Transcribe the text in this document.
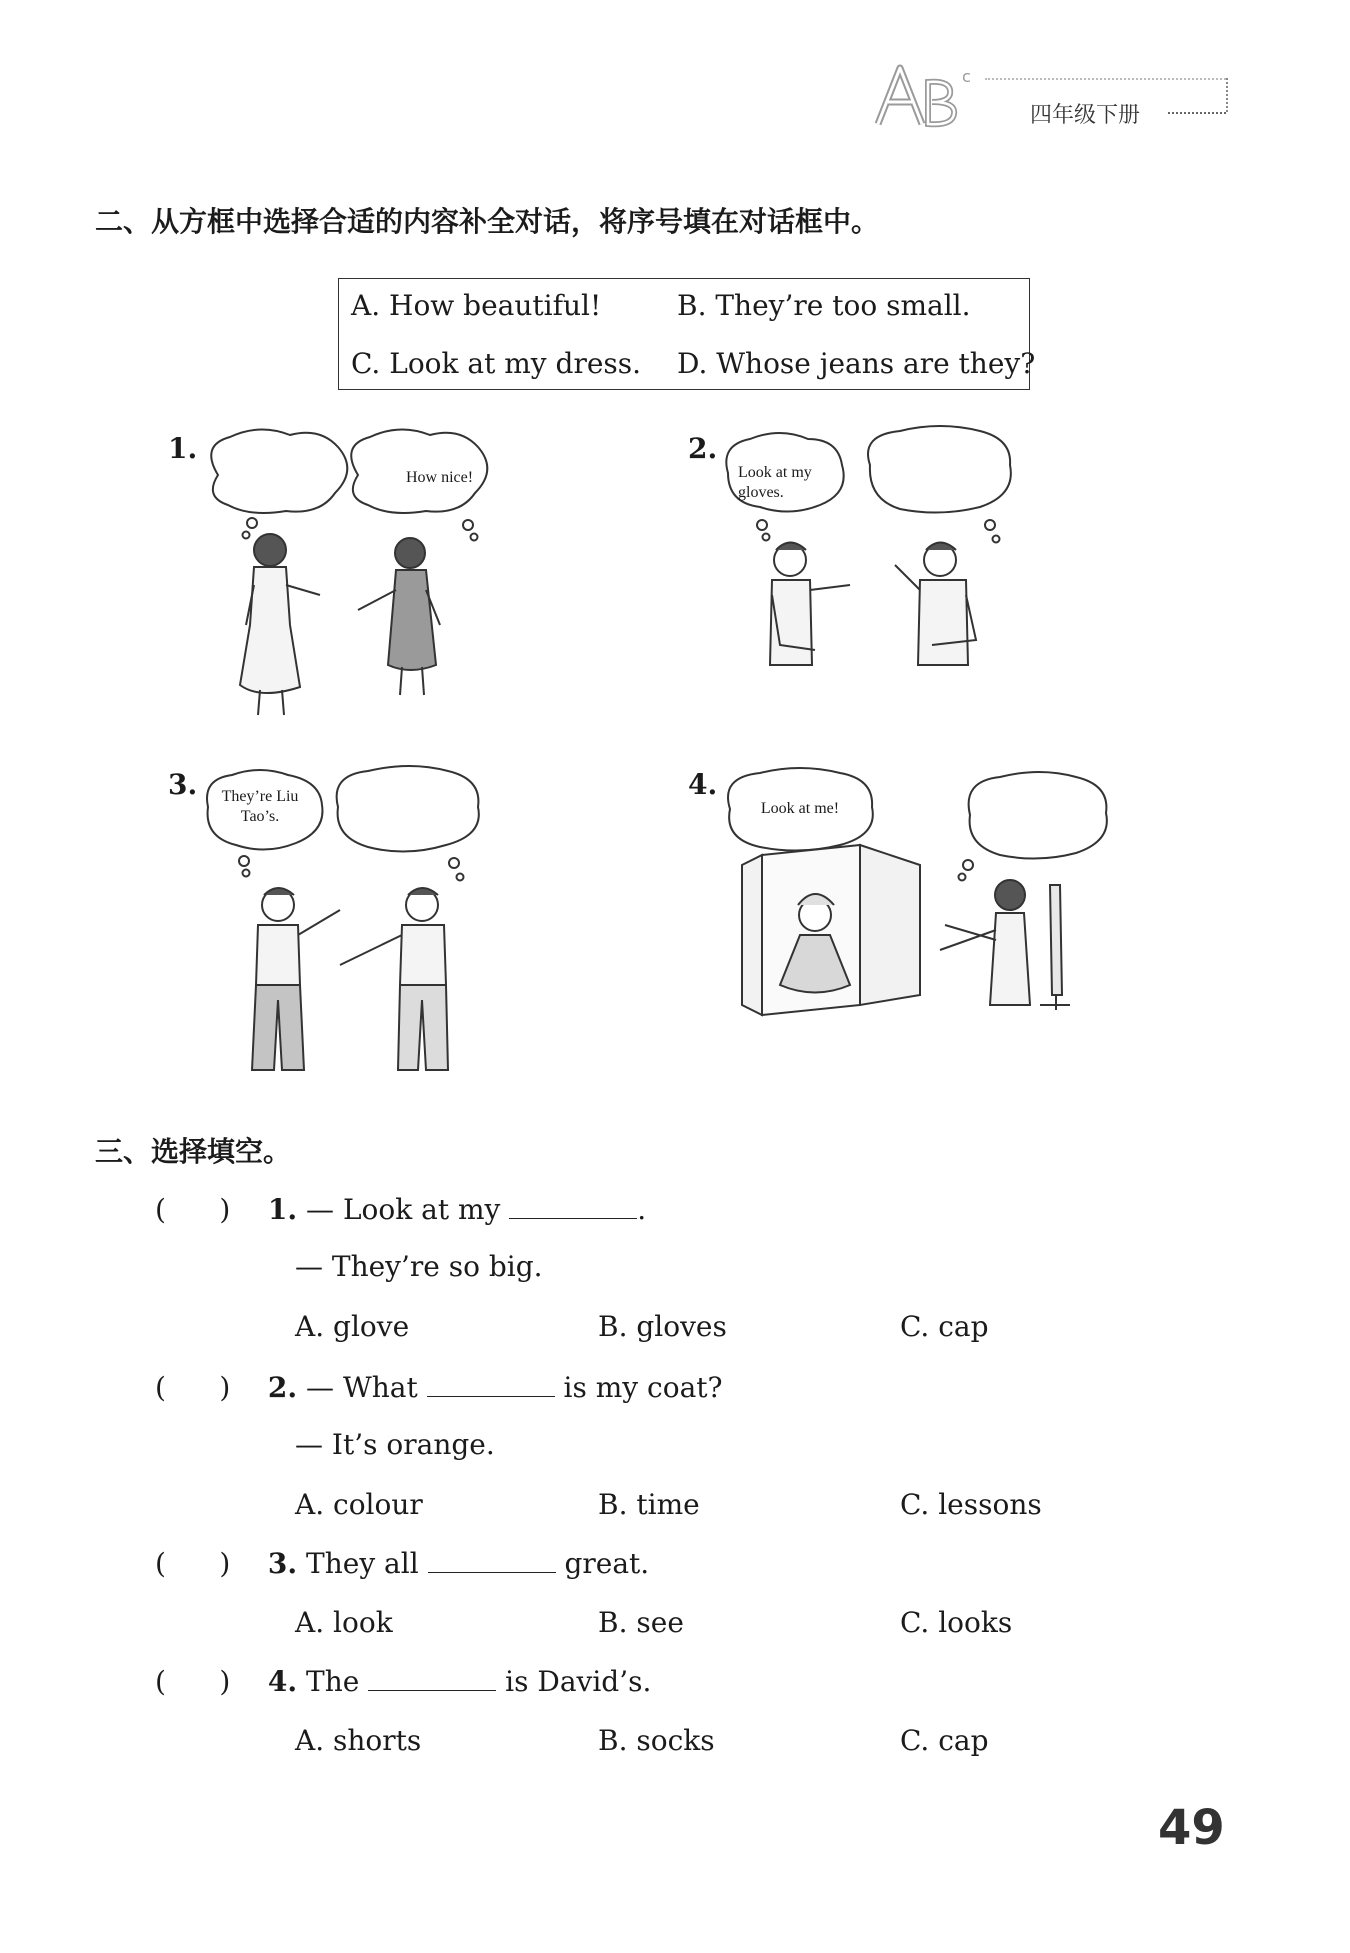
c
四年级下册
二、从方框中选择合适的内容补全对话，将序号填在对话框中。
A. How beautiful!	B. They’re too small.
C. Look at my dress. D. Whose jeans are they?
1.
How nice!
2.
Look at my gloves.
3. They’re Liu Tao’s.
4.
Look at me!
三、选择填空。
(      ) 1. — Look at my	.
— They’re so big.
A. glove	B. gloves	C. cap
(      ) 2. — What	is my coat?
— It’s orange.
A. colour	B. time	C. lessons
(      ) 3. They all	great.
A. look	B. see	C. looks
(      ) 4. The	is David’s.
A. shorts	B. socks	C. cap
49
